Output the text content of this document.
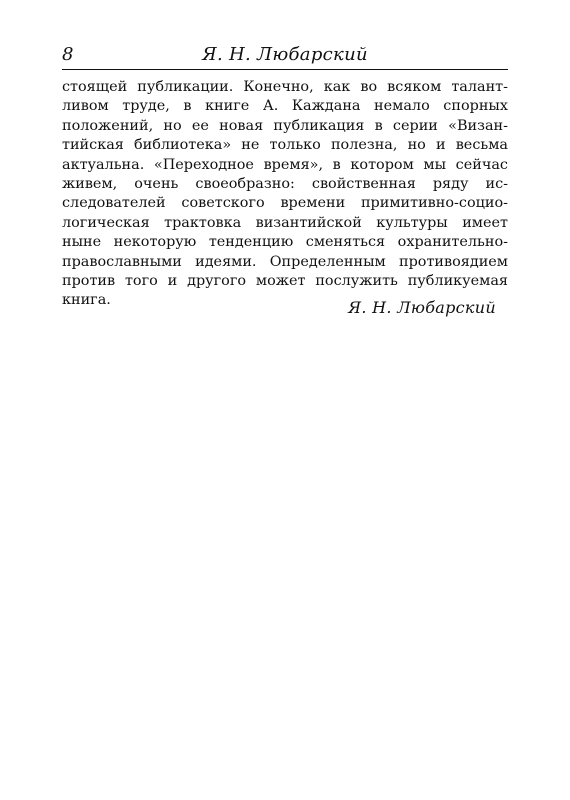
8	Я. Н. Любарский
стоящей публикации. Конечно, как во всяком талант-
ливом труде, в книге А. Каждана немало спорных
положений, но ее новая публикация в серии «Визан-
тийская библиотека» не только полезна, но и весьма
актуальна. «Переходное время», в котором мы сейчас
живем, очень своеобразно: свойственная ряду ис-
следователей советского времени примитивно-социо-
логическая трактовка византийской культуры имеет
ныне некоторую тенденцию сменяться охранительно-
православными идеями. Определенным противоядием
против того и другого может послужить публикуемая
книга.	Я. Н. Любарский
